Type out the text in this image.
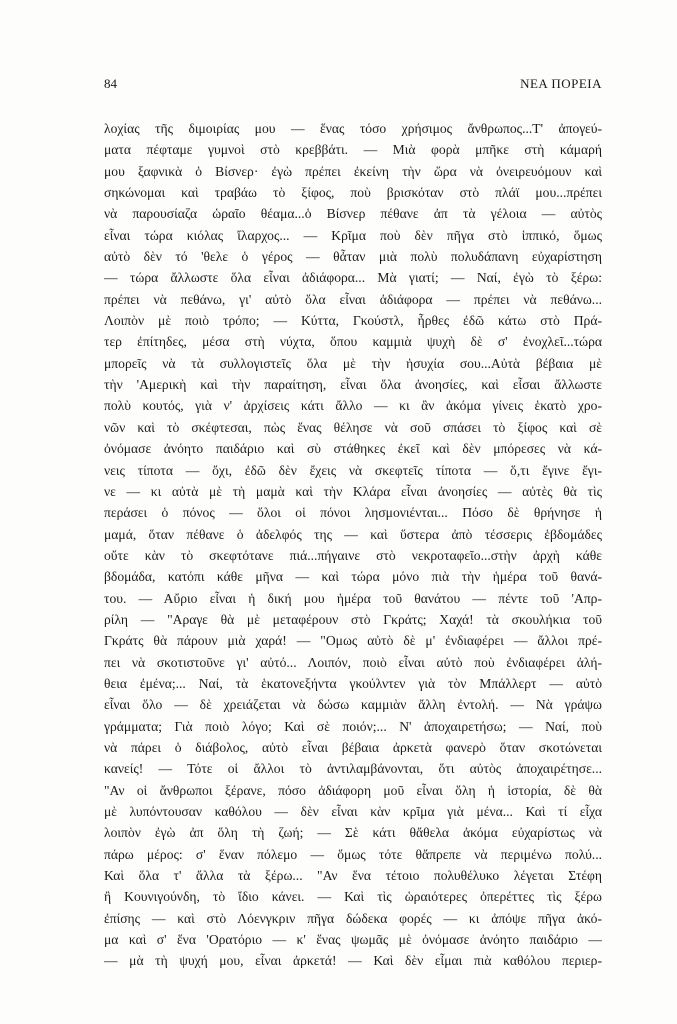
84	ΝΕΑ ΠΟΡΕΙΑ
λοχίας τῆς διμοιρίας μου — ἕνας τόσο χρήσιμος ἄνθρωπος...Τ' ἀπογεύ-
ματα πέφταμε γυμνοὶ στὸ κρεββάτι. — Μιὰ φορὰ μπῆκε στὴ κάμαρή
μου ξαφνικὰ ὁ Βίσνερ· ἐγὼ πρέπει ἐκείνη τὴν ὥρα νὰ ὀνειρευόμουν καὶ
σηκώνομαι καὶ τραβάω τὸ ξίφος, ποὺ βρισκόταν στὸ πλάϊ μου...πρέπει
νὰ παρουσίαζα ὡραῖο θέαμα...ὁ Βίσνερ πέθανε ἀπ τὰ γέλοια — αὐτὸς
εἶναι τώρα κιόλας ἴλαρχος... — Κρῖμα ποὺ δὲν πῆγα στὸ ἱππικό, ὅμως
αὐτὸ δὲν τό 'θελε ὁ γέρος — θἆταν μιὰ πολὺ πολυδάπανη εὐχαρίστηση
— τώρα ἄλλωστε ὅλα εἶναι ἀδιάφορα... Μὰ γιατί; — Ναί, ἐγὼ τὸ ξέρω:
πρέπει νὰ πεθάνω, γι' αὐτὸ ὅλα εἶναι ἀδιάφορα — πρέπει νὰ πεθάνω...
Λοιπὸν μὲ ποιὸ τρόπο; — Κύττα, Γκούστλ, ἦρθες ἐδῶ κάτω στὸ Πρά-
τερ ἐπίτηδες, μέσα στὴ νύχτα, ὅπου καμμιὰ ψυχὴ δὲ σ' ἐνοχλεῖ...τώρα
μπορεῖς νὰ τὰ συλλογιστεῖς ὅλα μὲ τὴν ἡσυχία σου...Αὐτὰ βέβαια μὲ
τὴν 'Αμερικὴ καὶ τὴν παραίτηση, εἶναι ὅλα ἀνοησίες, καὶ εἶσαι ἄλλωστε
πολὺ κουτός, γιὰ ν' ἀρχίσεις κάτι ἄλλο — κι ἂν ἀκόμα γίνεις ἑκατὸ χρο-
νῶν καὶ τὸ σκέφτεσαι, πὼς ἕνας θέλησε νὰ σοῦ σπάσει τὸ ξίφος καὶ σὲ
ὀνόμασε ἀνόητο παιδάριο καὶ σὺ στάθηκες ἐκεῖ καὶ δὲν μπόρεσες νὰ κά-
νεις τίποτα — ὄχι, ἐδῶ δὲν ἔχεις νὰ σκεφτεῖς τίποτα — ὅ,τι ἔγινε ἔγι-
νε — κι αὐτὰ μὲ τὴ μαμὰ καὶ τὴν Κλάρα εἶναι ἀνοησίες — αὐτὲς θὰ τὶς
περάσει ὁ πόνος — ὅλοι οἱ πόνοι λησμονιένται... Πόσο δὲ θρήνησε ἡ
μαμά, ὅταν πέθανε ὁ ἀδελφός της — καὶ ὕστερα ἀπὸ τέσσερις ἑβδομάδες
οὔτε κὰν τὸ σκεφτότανε πιά...πήγαινε στὸ νεκροταφεῖο...στὴν ἀρχὴ κάθε
βδομάδα, κατόπι κάθε μῆνα — καὶ τώρα μόνο πιὰ τὴν ἡμέρα τοῦ θανά-
του. — Αὔριο εἶναι ἡ δική μου ἡμέρα τοῦ θανάτου — πέντε τοῦ 'Απρ-
ρίλη — "Αραγε θὰ μὲ μεταφέρουν στὸ Γκράτς; Χαχά! τὰ σκουλήκια τοῦ
Γκράτς θὰ πάρουν μιὰ χαρά! — "Ομως αὐτὸ δὲ μ' ἐνδιαφέρει — ἄλλοι πρέ-
πει νὰ σκοτιστοῦνε γι' αὐτό... Λοιπόν, ποιὸ εἶναι αὐτὸ ποὺ ἐνδιαφέρει ἀλή-
θεια ἐμένα;... Ναί, τὰ ἑκατονεξήντα γκούλντεν γιὰ τὸν Μπάλλερτ — αὐτὸ
εἶναι ὅλο — δὲ χρειάζεται νὰ δώσω καμμιὰν ἄλλη ἐντολή. — Νὰ γράψω
γράμματα; Γιὰ ποιὸ λόγο; Καὶ σὲ ποιόν;... Ν' ἀποχαιρετήσω; — Ναί, ποὺ
νὰ πάρει ὁ διάβολος, αὐτὸ εἶναι βέβαια ἀρκετὰ φανερὸ ὅταν σκοτώνεται
κανείς! — Τότε οἱ ἄλλοι τὸ ἀντιλαμβάνονται, ὅτι αὐτὸς ἀποχαιρέτησε...
"Αν οἱ ἄνθρωποι ξέρανε, πόσο ἀδιάφορη μοῦ εἶναι ὅλη ἡ ἱστορία, δὲ θὰ
μὲ λυπόντουσαν καθόλου — δὲν εἶναι κὰν κρῖμα γιὰ μένα... Καὶ τί εἶχα
λοιπὸν ἐγὼ ἀπ ὅλη τὴ ζωή; — Σὲ κάτι θἄθελα ἀκόμα εὐχαρίστως νὰ
πάρω μέρος: σ' ἕναν πόλεμο — ὅμως τότε θἄπρεπε νὰ περιμένω πολύ...
Καὶ ὅλα τ' ἄλλα τὰ ξέρω... "Αν ἕνα τέτοιο πολυθέλυκο λέγεται Στέφη
ἢ Κουνιγούνδη, τὸ ἴδιο κάνει. — Καὶ τὶς ὡραιότερες ὀπερέττες τὶς ξέρω
ἐπίσης — καὶ στὸ Λόενγκριν πῆγα δώδεκα φορές — κι ἀπόψε πῆγα ἀκό-
μα καὶ σ' ἕνα 'Ορατόριο — κ' ἕνας ψωμᾶς μὲ ὀνόμασε ἀνόητο παιδάριο —
— μὰ τὴ ψυχή μου, εἶναι ἀρκετά! — Καὶ δὲν εἶμαι πιὰ καθόλου περιερ-
